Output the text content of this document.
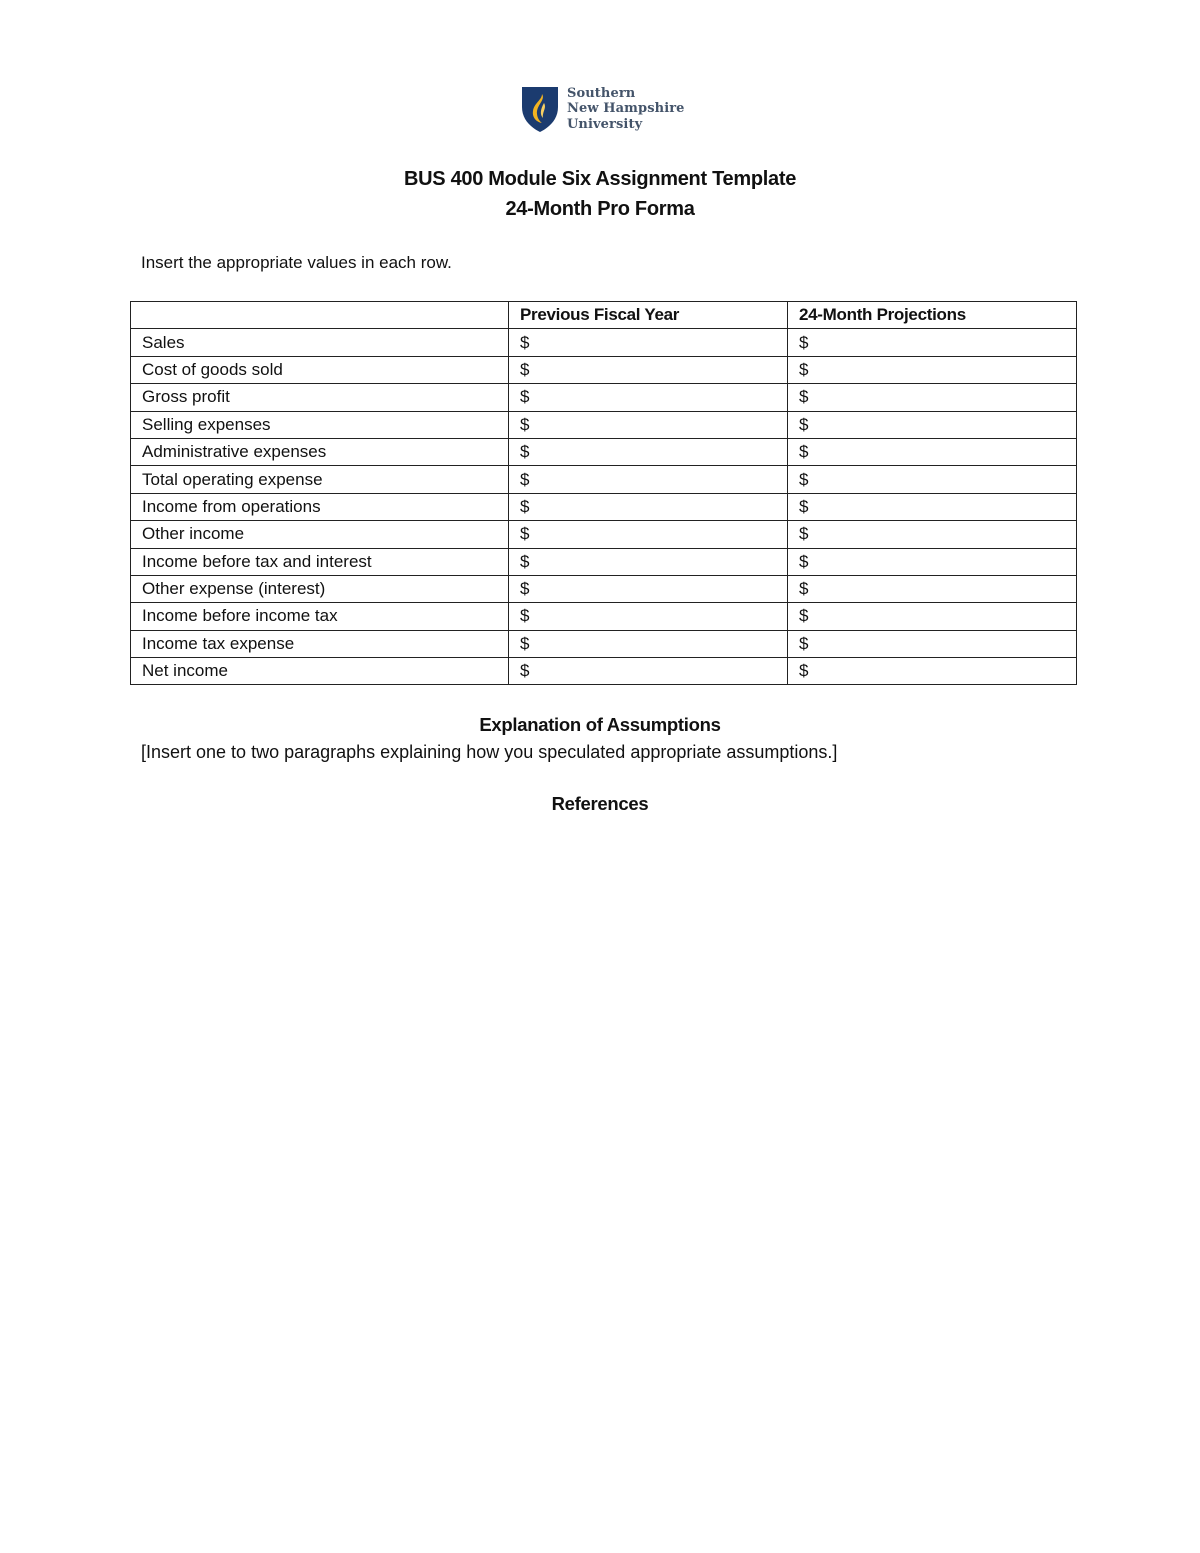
Southern
New Hampshire
University
BUS 400 Module Six Assignment Template
24-Month Pro Forma
Insert the appropriate values in each row.
	Previous Fiscal Year	24-Month Projections
Sales	$	$
Cost of goods sold	$	$
Gross profit	$	$
Selling expenses	$	$
Administrative expenses	$	$
Total operating expense	$	$
Income from operations	$	$
Other income	$	$
Income before tax and interest	$	$
Other expense (interest)	$	$
Income before income tax	$	$
Income tax expense	$	$
Net income	$	$
Explanation of Assumptions
[Insert one to two paragraphs explaining how you speculated appropriate assumptions.]
References
